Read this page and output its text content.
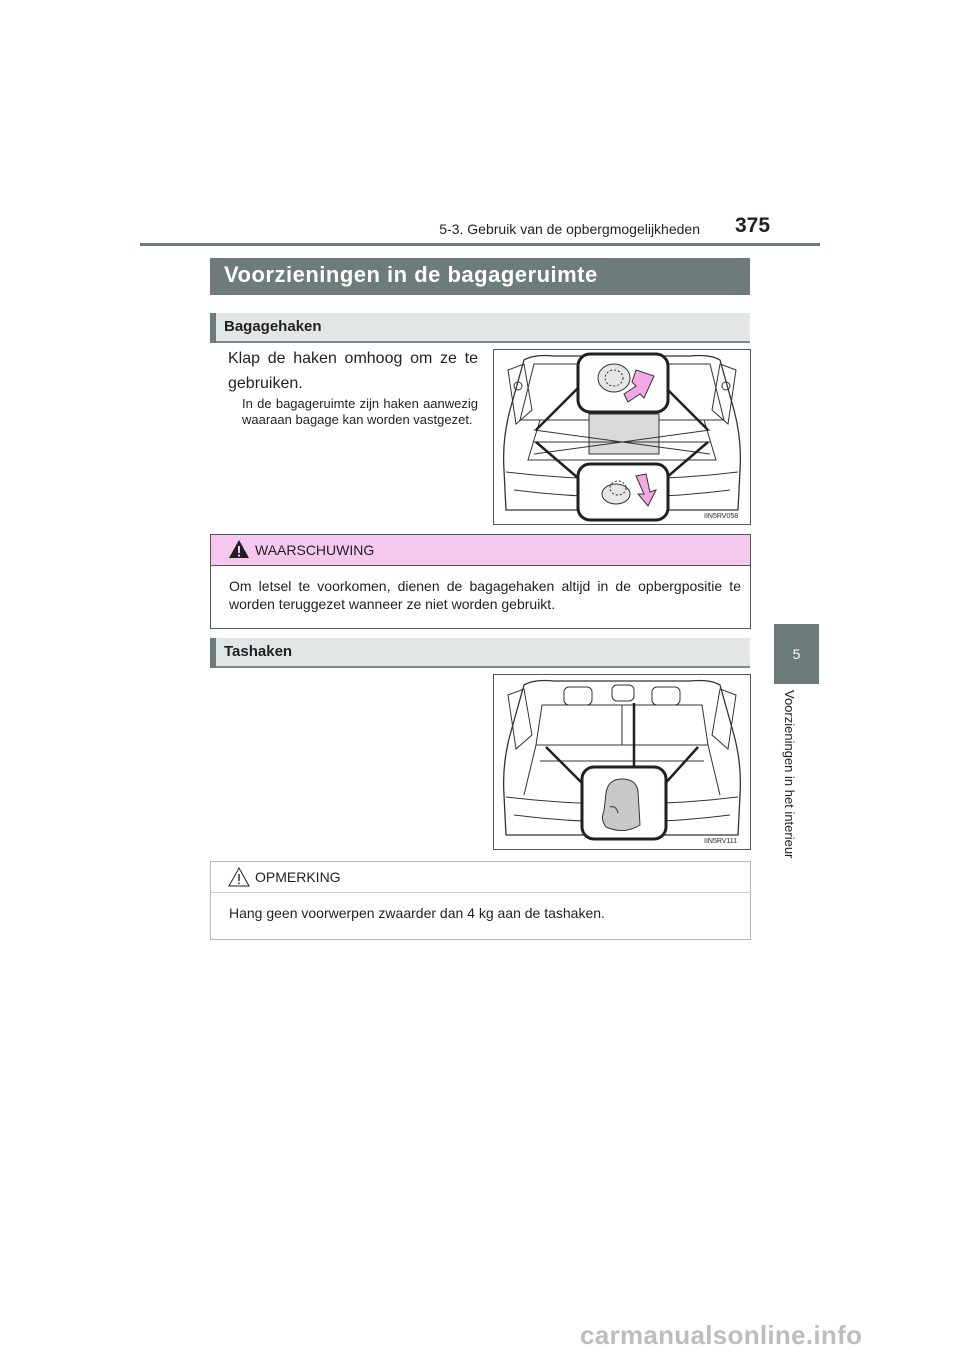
5-3. Gebruik van de opbergmogelijkheden 375
5
Voorzieningen in het interieur
Voorzieningen in de bagageruimte
Bagagehaken
Klap de haken omhoog om ze te gebruiken.
In de bagageruimte zijn haken aanwezig waaraan bagage kan worden vastgezet.
IIN5RV058
WAARSCHUWING
Om letsel te voorkomen, dienen de bagagehaken altijd in de opbergpositie te worden teruggezet wanneer ze niet worden gebruikt.
Tashaken
IIN5RV111
OPMERKING
Hang geen voorwerpen zwaarder dan 4 kg aan de tashaken.
carmanualsonline.info
